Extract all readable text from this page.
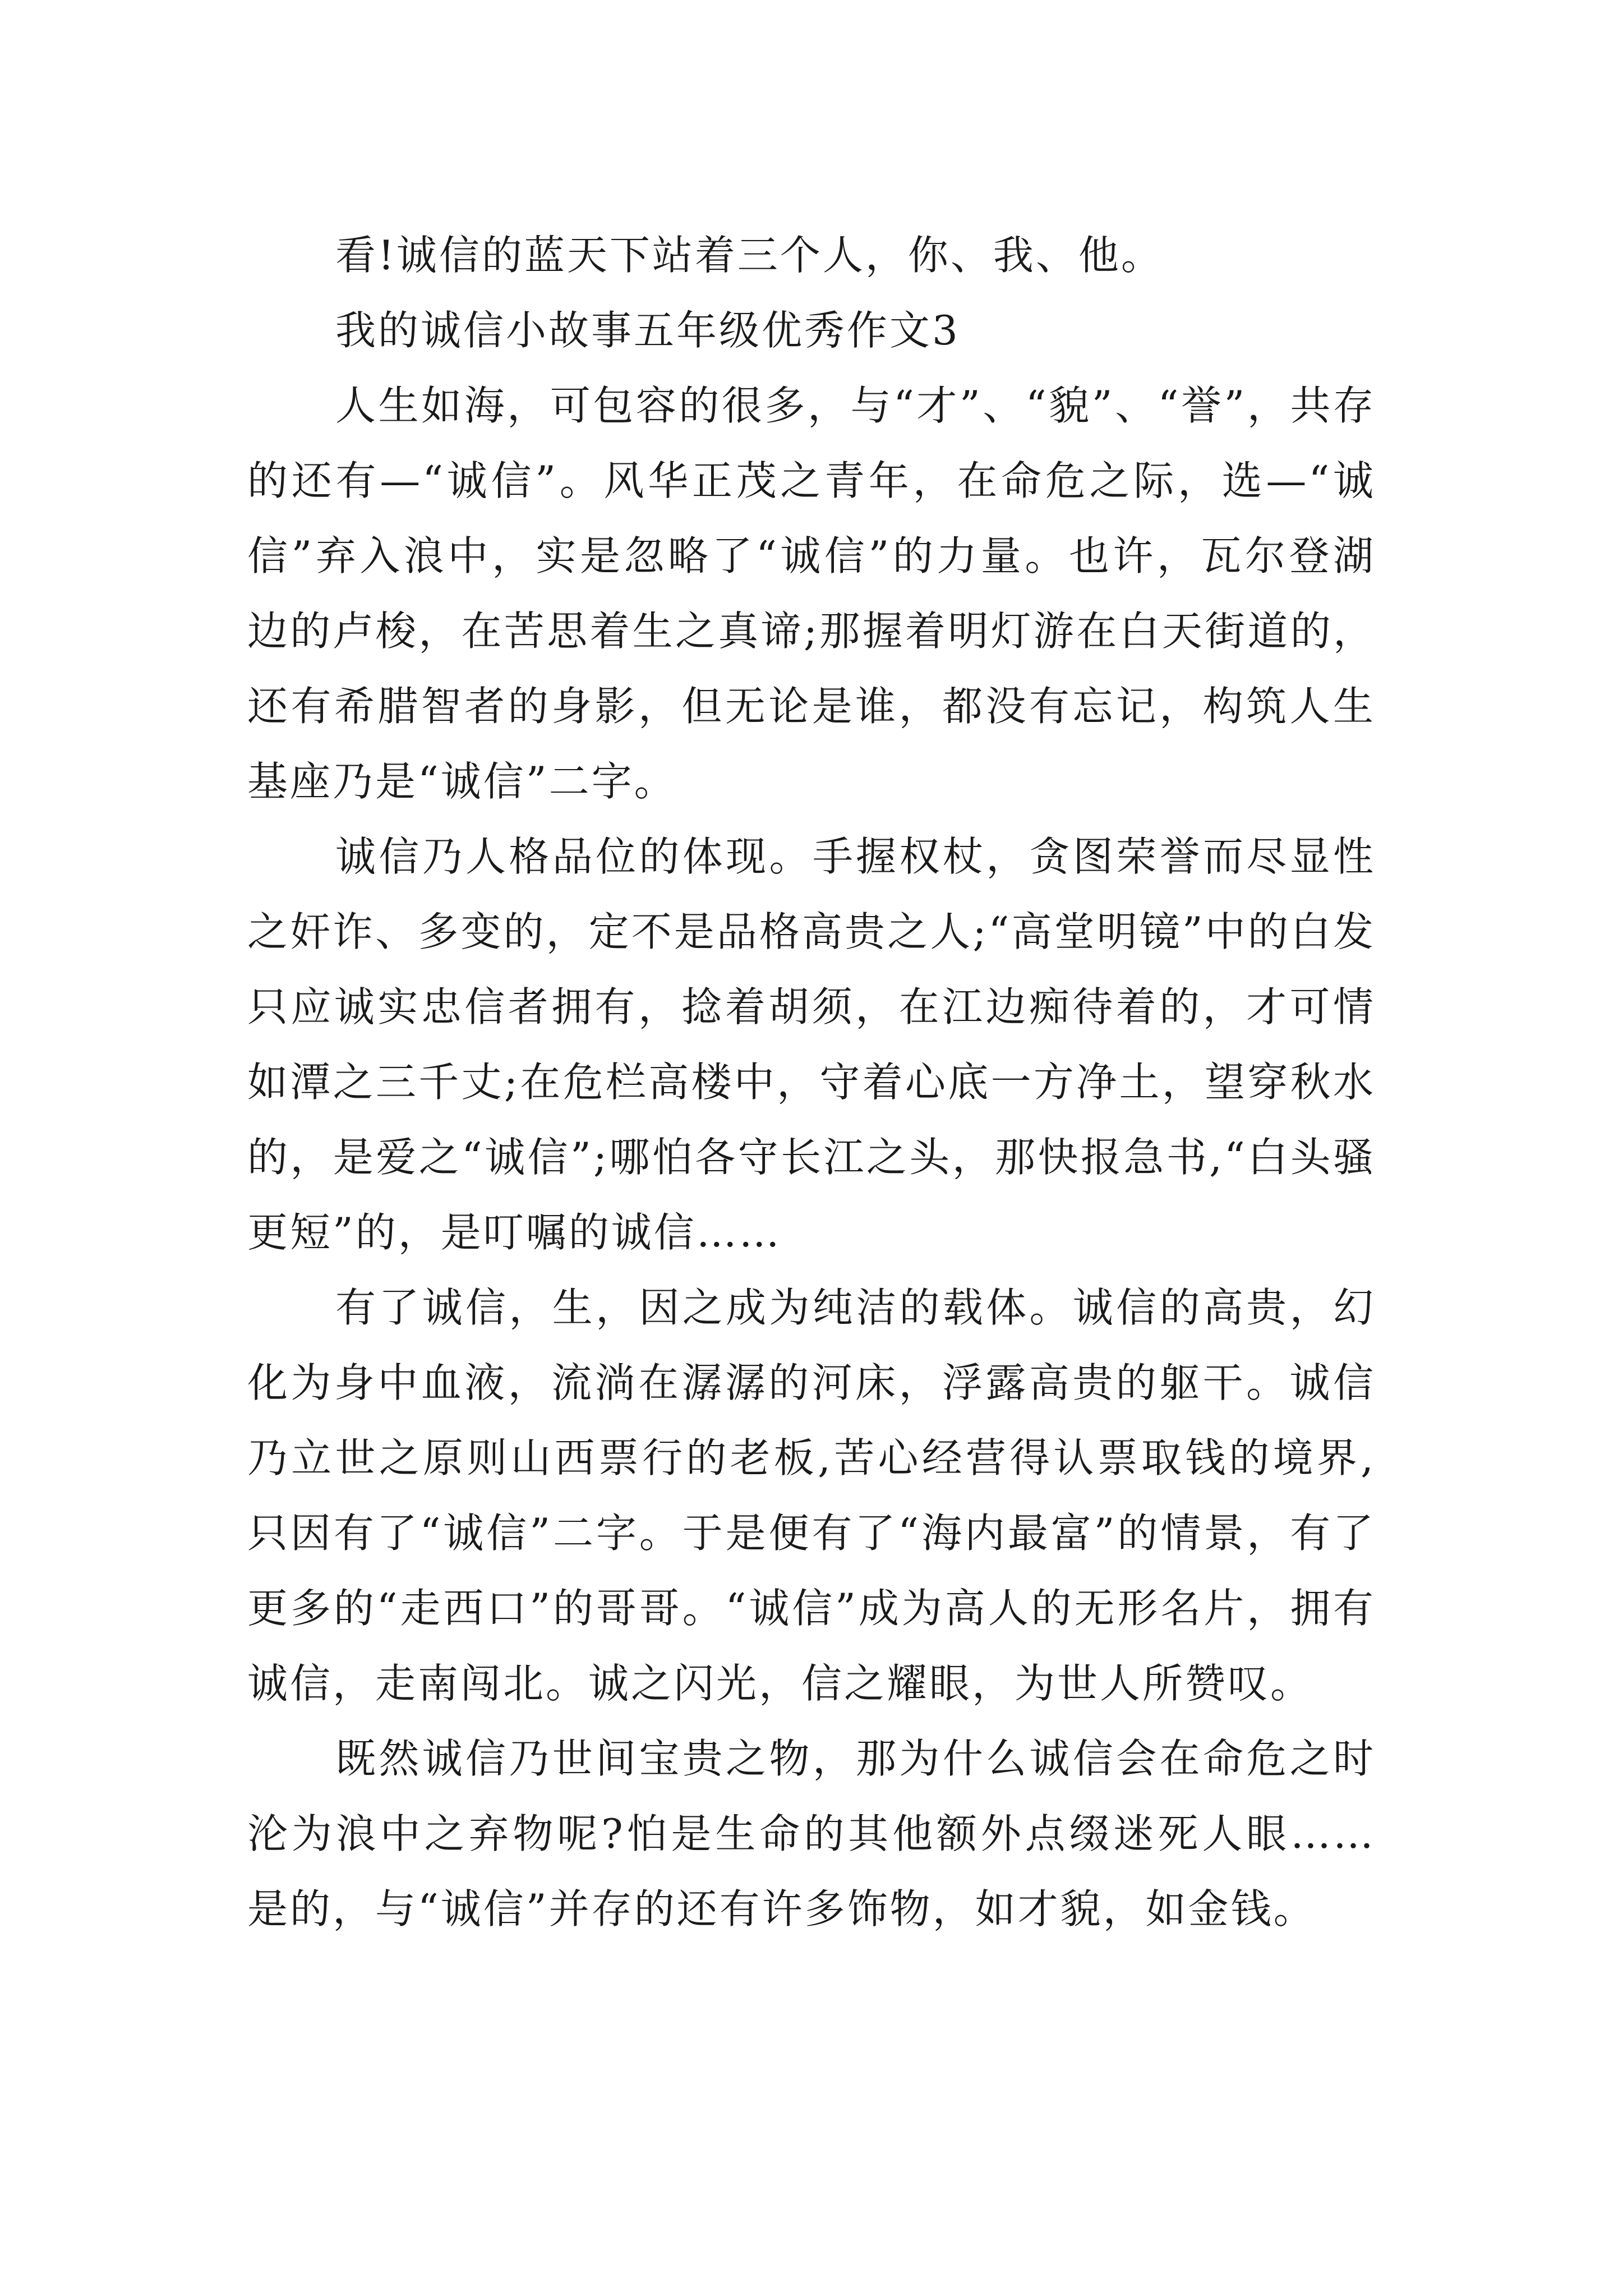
看!诚信的蓝天下站着三个人，你、我、他。

我的诚信小故事五年级优秀作文3

人生如海，可包容的很多，与“才”、“貌”、“誉”，共存的还有—“诚信”。风华正茂之青年，在命危之际，选—“诚信”弃入浪中，实是忽略了“诚信”的力量。也许，瓦尔登湖边的卢梭，在苦思着生之真谛;那握着明灯游在白天街道的，还有希腊智者的身影，但无论是谁，都没有忘记，构筑人生基座乃是“诚信”二字。

诚信乃人格品位的体现。手握权杖，贪图荣誉而尽显性之奸诈、多变的，定不是品格高贵之人;“高堂明镜”中的白发只应诚实忠信者拥有，捻着胡须，在江边痴待着的，才可情如潭之三千丈;在危栏高楼中，守着心底一方净土，望穿秋水的，是爱之“诚信”;哪怕各守长江之头，那快报急书,“白头骚更短”的，是叮嘱的诚信……

有了诚信，生，因之成为纯洁的载体。诚信的高贵，幻化为身中血液，流淌在潺潺的河床，浮露高贵的躯干。诚信乃立世之原则山西票行的老板,苦心经营得认票取钱的境界,只因有了“诚信”二字。于是便有了“海内最富”的情景，有了更多的“走西口”的哥哥。“诚信”成为高人的无形名片，拥有诚信，走南闯北。诚之闪光，信之耀眼，为世人所赞叹。

既然诚信乃世间宝贵之物，那为什么诚信会在命危之时沦为浪中之弃物呢?怕是生命的其他额外点缀迷死人眼……是的，与“诚信”并存的还有许多饰物，如才貌，如金钱。
